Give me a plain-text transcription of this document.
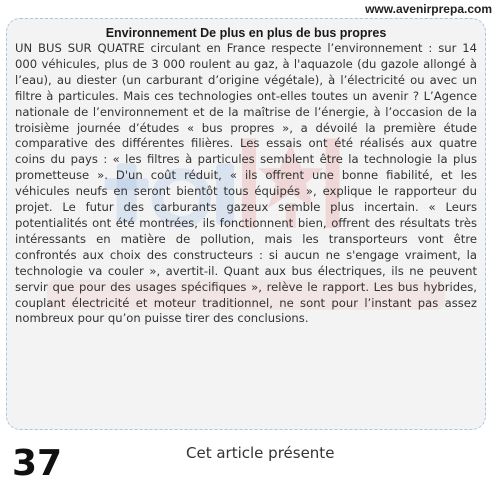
www.avenirprepa.com
Environnement De plus en plus de bus propres
UN BUS SUR QUATRE circulant en France respecte l’environnement : sur 14 000 véhicules, plus de 3 000 roulent au gaz, à l'aquazole (du gazole allongé à l’eau), au diester (un carburant d’origine végétale), à l’électricité ou avec un filtre à particules. Mais ces technologies ont-elles toutes un avenir ? L’Agence nationale de l’environnement et de la maîtrise de l’énergie, à l’occasion de la troisième journée d’études « bus propres », a dévoilé la première étude comparative des différentes filières. Les essais ont été réalisés aux quatre coins du pays : « les filtres à particules semblent être la technologie la plus prometteuse ». D'un coût réduit, « ils offrent une bonne fiabilité, et les véhicules neufs en seront bientôt tous équipés », explique le rapporteur du projet. Le futur des carburants gazeux semble plus incertain. « Leurs potentialités ont été montrées, ils fonctionnent bien, offrent des résultats très intéressants en matière de pollution, mais les transporteurs vont être confrontés aux choix des constructeurs : si aucun ne s'engage vraiment, la technologie va couler », avertit-il. Quant aux bus électriques, ils ne peuvent servir que pour des usages spécifiques », relève le rapport. Les bus hybrides, couplant électricité et moteur traditionnel, ne sont pour l’instant pas assez nombreux pour qu’on puisse tirer des conclusions.
37	Cet article présente
